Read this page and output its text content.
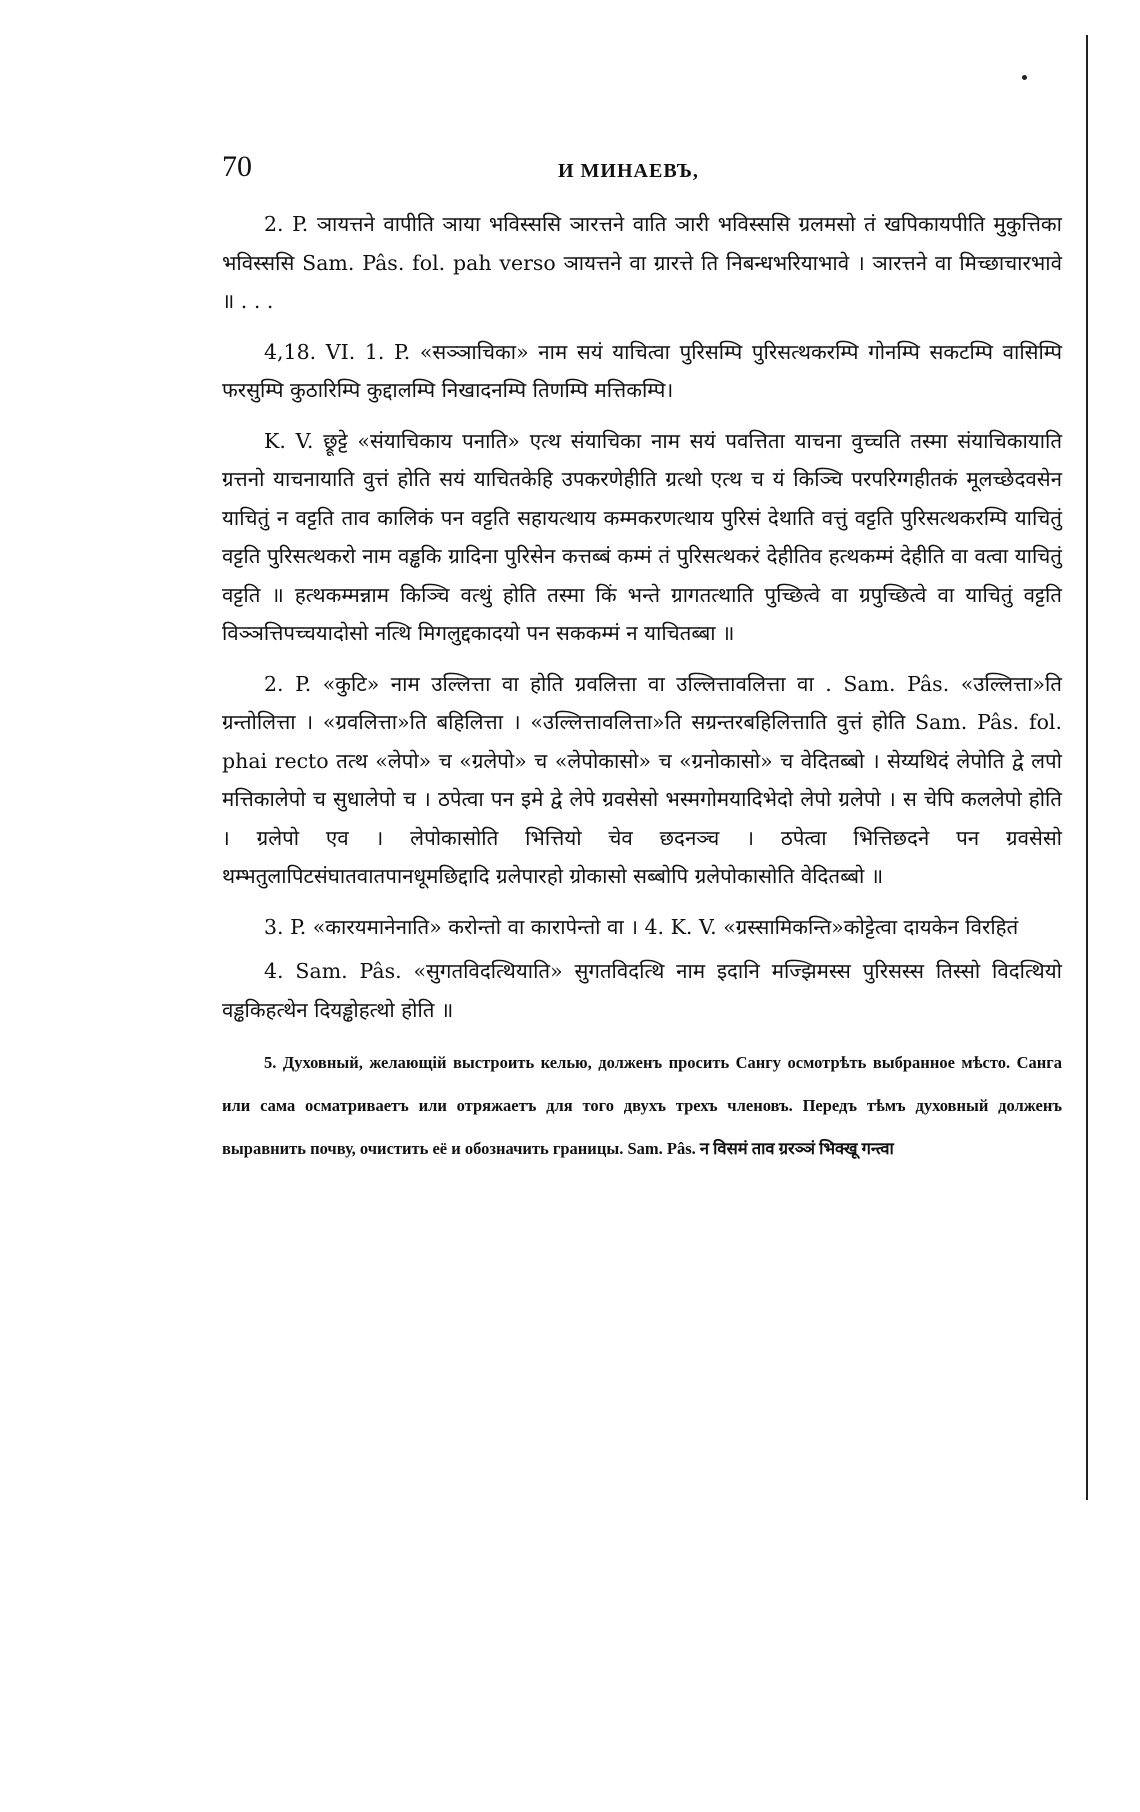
70	И МИНАЕВЪ,

2. P. ञायत्तने वापीति ञाया भविस्ससि ञारत्तने वाति ञारी भविस्ससि ग्रलमसो तं खपिकायपीति मुकुत्तिका भविस्ससि Sam. Pâs. fol. pah verso ञायत्तने वा ग्रारत्ते ति निबन्धभरियाभावे । ञारत्तने वा मिच्छाचारभावे ॥ . . .

4,18. VI. 1. P. «सञ्ञाचिका» नाम सयं याचित्वा पुरिसम्पि पुरिसत्थकरम्पि गोनम्पि सकटम्पि वासिम्पि फरसुम्पि कुठारिम्पि कुद्दालम्पि निखादनम्पि तिणम्पि मत्तिकम्पि।

K. V. छ्रूट्टे «संयाचिकाय पनाति» एत्थ संयाचिका नाम सयं पवत्तिता याचना वुच्चति तस्मा संयाचिकायाति ग्रत्तनो याचनायाति वुत्तं होति सयं याचितकेहि उपकरणेहीति ग्रत्थो एत्थ च यं किञ्चि परपरिग्गहीतकं मूलच्छेदवसेन याचितुं न वट्टति ताव कालिकं पन वट्टति सहायत्थाय कम्मकरणत्थाय पुरिसं देथाति वत्तुं वट्टति पुरिसत्थकरम्पि याचितुं वट्टति पुरिसत्थकरो नाम वड्ढकि ग्रादिना पुरिसेन कत्तब्बं कम्मं तं पुरिसत्थकरं देहीतिव हत्थकम्मं देहीति वा वत्वा याचितुं वट्टति ॥ हत्थकम्मन्नाम किञ्चि वत्थुं होति तस्मा किं भन्ते ग्रागतत्थाति पुच्छित्वे वा ग्रपुच्छित्वे वा याचितुं वट्टति विञ्ञत्तिपच्चयादोसो नत्थि मिगलुद्दकादयो पन सककम्मं न याचितब्बा ॥

2. P. «कुटि» नाम उल्लित्ता वा होति ग्रवलित्ता वा उल्लित्तावलित्ता वा . Sam. Pâs. «उल्लित्ता»ति ग्रन्तोलित्ता । «ग्रवलित्ता»ति बहिलित्ता । «उल्लित्तावलित्ता»ति सग्रन्तरबहिलित्ताति वुत्तं होति Sam. Pâs. fol. phai recto तत्थ «लेपो» च «ग्रलेपो» च «लेपोकासो» च «ग्रनोकासो» च वेदितब्बो । सेय्यथिदं लेपोति द्वे लपो मत्तिकालेपो च सुधालेपो च । ठपेत्वा पन इमे द्वे लेपे ग्रवसेसो भस्मगोमयादिभेदो लेपो ग्रलेपो । स चेपि कललेपो होति । ग्रलेपो एव । लेपोकासोति भित्तियो चेव छदनञ्च । ठपेत्वा भित्तिछदने पन ग्रवसेसो थम्भतुलापिटसंघातवातपानधूमछिद्दादि ग्रलेपारहो ग्रोकासो सब्बोपि ग्रलेपोकासोति वेदितब्बो ॥

3. P. «कारयमानेनाति» करोन्तो वा कारापेन्तो वा । 4. K. V. «ग्रस्सामिकन्ति»कोट्टेत्वा दायकेन विरहितं

4. Sam. Pâs. «सुगतविदत्थियाति» सुगतविदत्थि नाम इदानि मज्झिमस्स पुरिसस्स तिस्सो विदत्थियो वड्ढकिहत्थेन दियड्ढोहत्थो होति ॥

5. Духовный, желающій выстроить келью, долженъ просить Сангу осмотрѣть выбранное мѣсто. Санга или сама осматриваетъ или отряжаетъ для того двухъ трехъ членовъ. Передъ тѣмъ духовный долженъ выравнить почву, очистить её и обозначить границы. Sam. Pâs. न विसमं ताव ग्ररञ्ञं भिक्खू गन्त्वा
